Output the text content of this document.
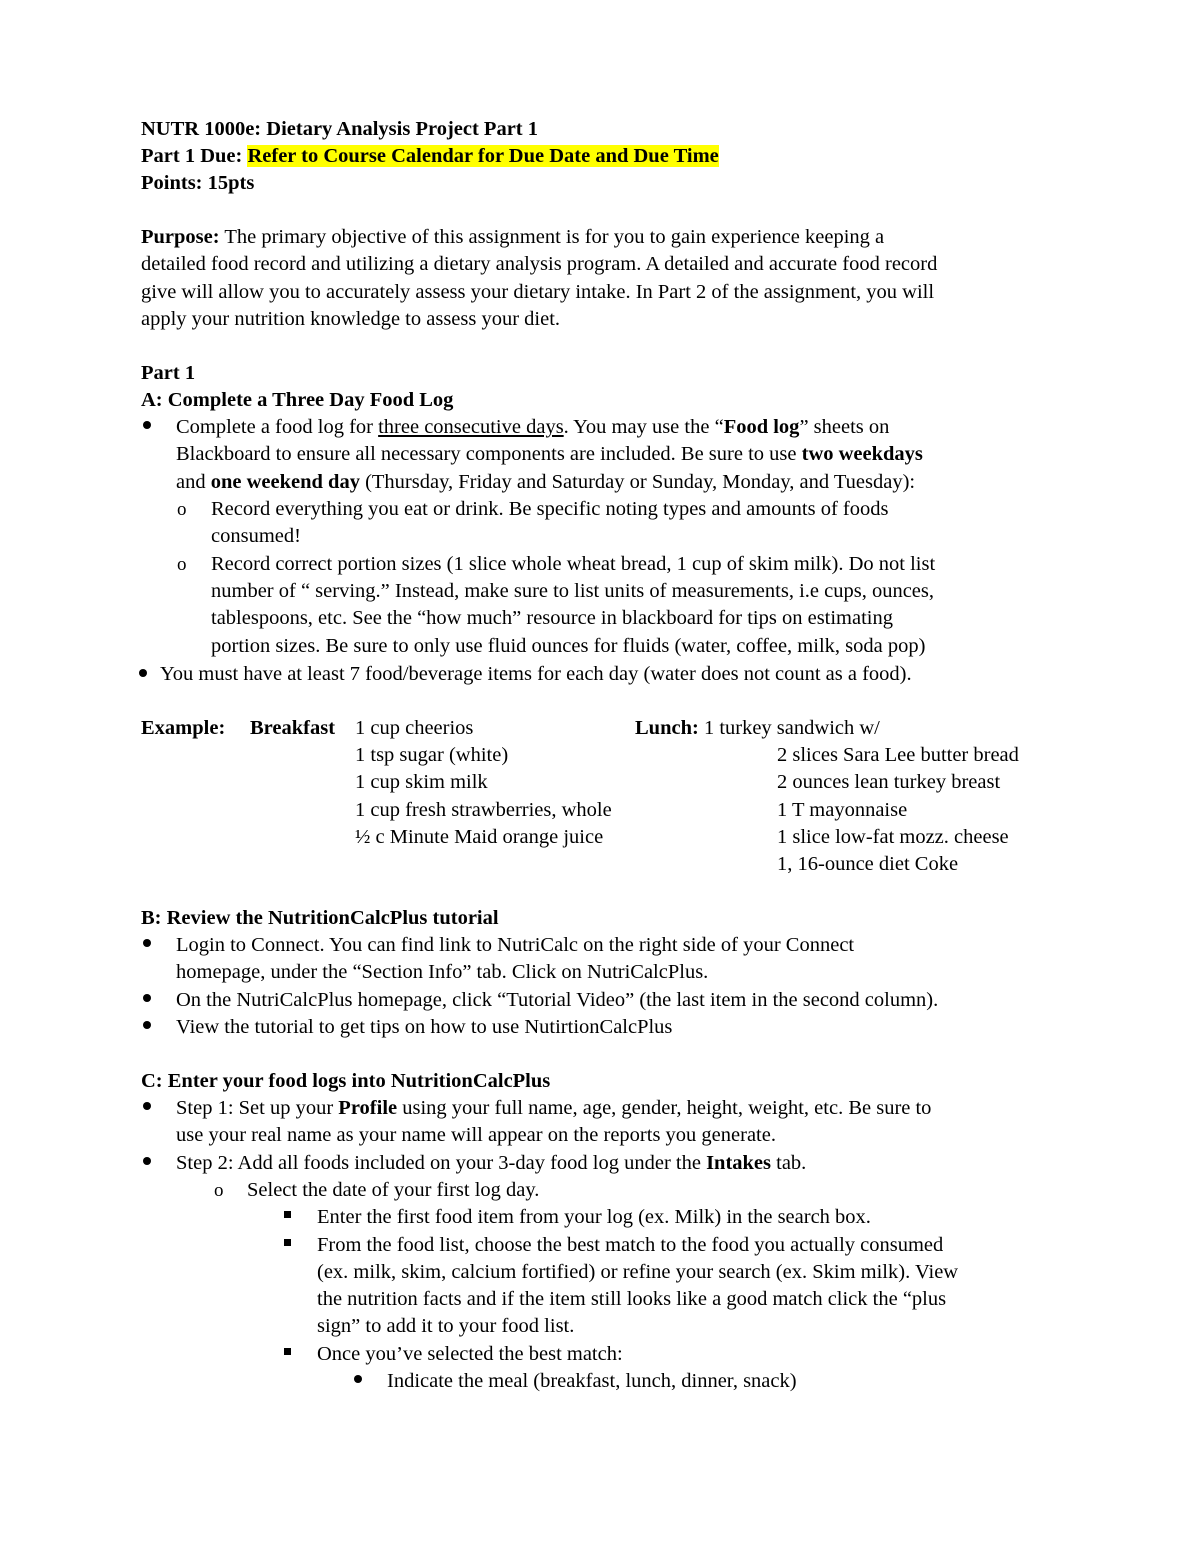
NUTR 1000e: Dietary Analysis Project Part 1
Part 1 Due: Refer to Course Calendar for Due Date and Due Time
Points: 15pts
Purpose: The primary objective of this assignment is for you to gain experience keeping a
detailed food record and utilizing a dietary analysis program. A detailed and accurate food record
give will allow you to accurately assess your dietary intake. In Part 2 of the assignment, you will
apply your nutrition knowledge to assess your diet.
Part 1
A: Complete a Three Day Food Log
Complete a food log for three consecutive days. You may use the “Food log” sheets on
Blackboard to ensure all necessary components are included. Be sure to use two weekdays
and one weekend day (Thursday, Friday and Saturday or Sunday, Monday, and Tuesday):
o Record everything you eat or drink. Be specific noting types and amounts of foods
consumed!
o Record correct portion sizes (1 slice whole wheat bread, 1 cup of skim milk). Do not list
number of “ serving.” Instead, make sure to list units of measurements, i.e cups, ounces,
tablespoons, etc. See the “how much” resource in blackboard for tips on estimating
portion sizes. Be sure to only use fluid ounces for fluids (water, coffee, milk, soda pop)
You must have at least 7 food/beverage items for each day (water does not count as a food).
Example: Breakfast 1 cup cheerios
1 tsp sugar (white)
1 cup skim milk
1 cup fresh strawberries, whole
½ c Minute Maid orange juice
Lunch: 1 turkey sandwich w/
2 slices Sara Lee butter bread
2 ounces lean turkey breast
1 T mayonnaise
1 slice low-fat mozz. cheese
1, 16-ounce diet Coke
B: Review the NutritionCalcPlus tutorial
Login to Connect. You can find link to NutriCalc on the right side of your Connect
homepage, under the “Section Info” tab. Click on NutriCalcPlus.
On the NutriCalcPlus homepage, click “Tutorial Video” (the last item in the second column).
View the tutorial to get tips on how to use NutirtionCalcPlus
C: Enter your food logs into NutritionCalcPlus
Step 1: Set up your Profile using your full name, age, gender, height, weight, etc. Be sure to
use your real name as your name will appear on the reports you generate.
Step 2: Add all foods included on your 3-day food log under the Intakes tab.
o Select the date of your first log day.
Enter the first food item from your log (ex. Milk) in the search box.
From the food list, choose the best match to the food you actually consumed
(ex. milk, skim, calcium fortified) or refine your search (ex. Skim milk). View
the nutrition facts and if the item still looks like a good match click the “plus
sign” to add it to your food list.
Once you’ve selected the best match:
Indicate the meal (breakfast, lunch, dinner, snack)
